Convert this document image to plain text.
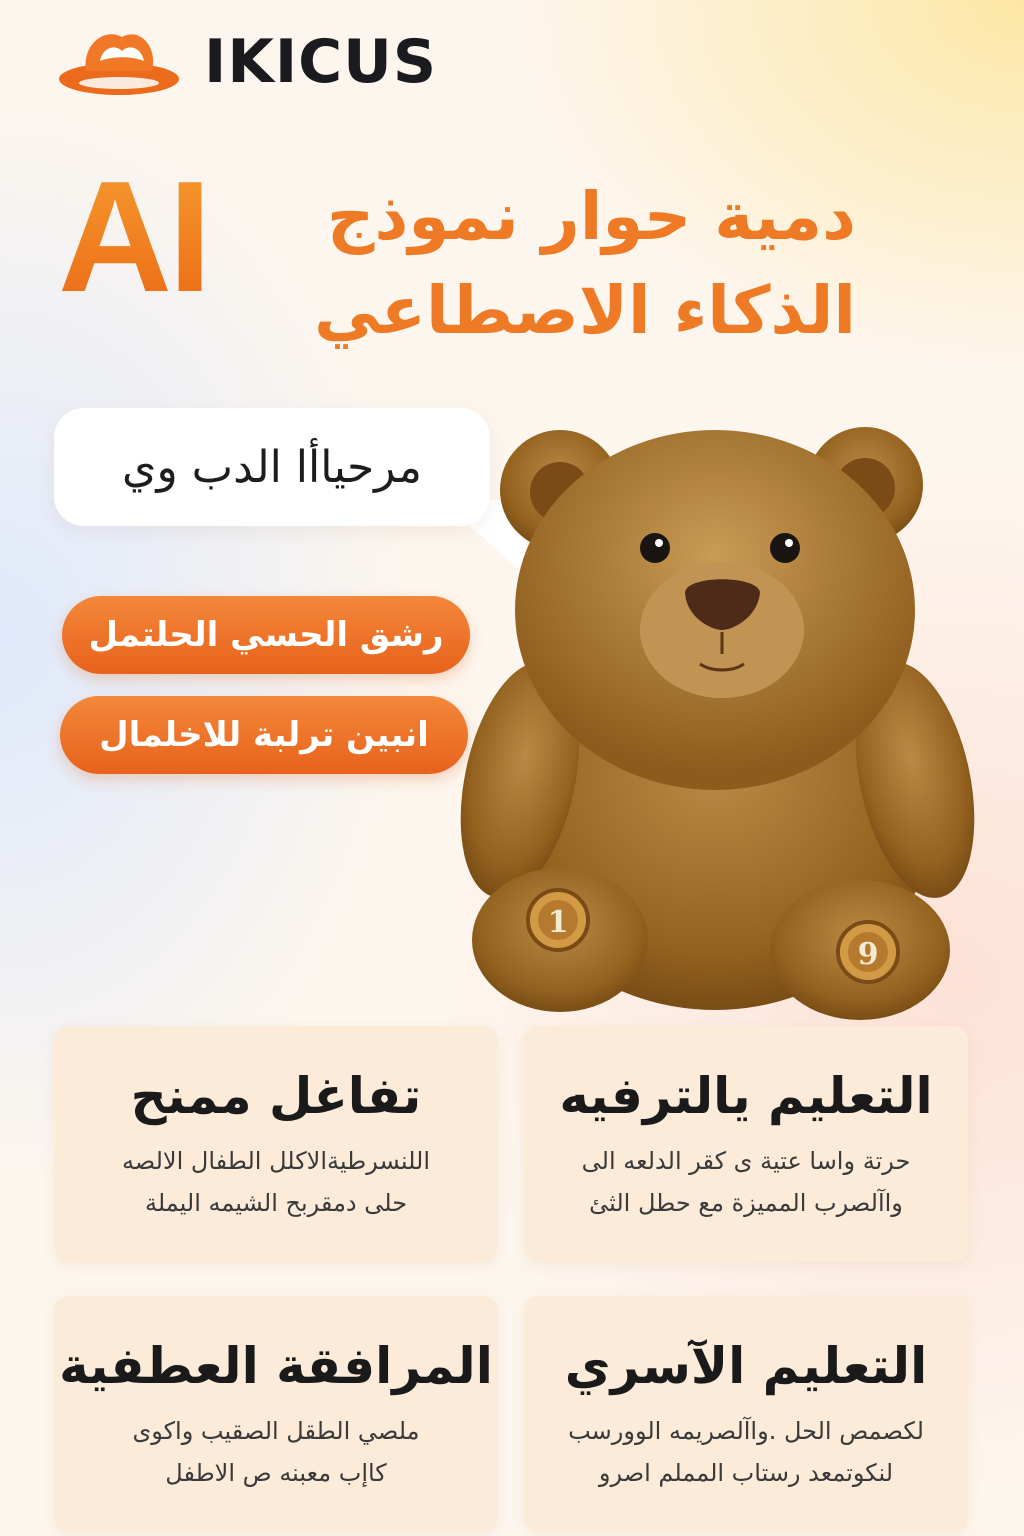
IKICUS
AI	دمية حوار نموذج
الذكاء الاصطاعي
مرحياأا الدب وي
رشق الحسي الحلتمل
انبين ترلبة للاخلمال
1
9
تفاغل ممنح
اللنسرطيةالاكلل الطفال الالصه
حلى دمقربح الشيمه اليملة
التعليم يالترفيه
حرتة واسا عتية ى كقر الدلعه الى
واآلصرب المميزة مع حطل الثئ
المرافقة العطفية
ملصي الطقل الصقيب واكوى
كاإب معبنه ص الاطفل
التعليم الآسري
لكصمص الحل .واآلصريمه الوورسب
لنكوتمعد رستاب المملم اصرو
